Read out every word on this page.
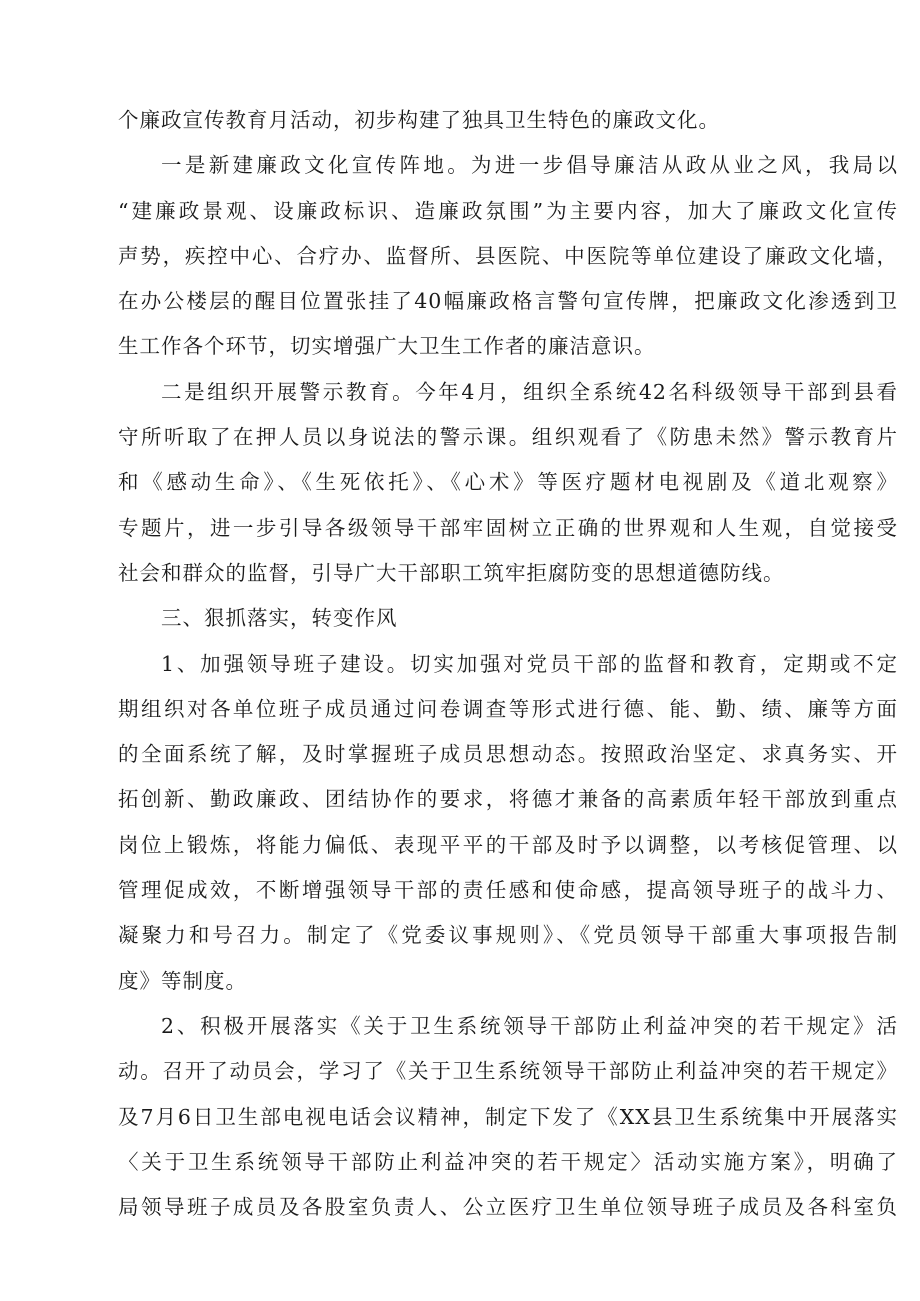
个廉政宣传教育月活动，初步构建了独具卫生特色的廉政文化。
一是新建廉政文化宣传阵地。为进一步倡导廉洁从政从业之风，我局以
“建廉政景观、设廉政标识、造廉政氛围”为主要内容，加大了廉政文化宣传
声势，疾控中心、合疗办、监督所、县医院、中医院等单位建设了廉政文化墙，
在办公楼层的醒目位置张挂了40幅廉政格言警句宣传牌，把廉政文化渗透到卫
生工作各个环节，切实增强广大卫生工作者的廉洁意识。
二是组织开展警示教育。今年4月，组织全系统42名科级领导干部到县看
守所听取了在押人员以身说法的警示课。组织观看了《防患未然》警示教育片
和《感动生命》、《生死依托》、《心术》等医疗题材电视剧及《道北观察》
专题片，进一步引导各级领导干部牢固树立正确的世界观和人生观，自觉接受
社会和群众的监督，引导广大干部职工筑牢拒腐防变的思想道德防线。
三、狠抓落实，转变作风
1、加强领导班子建设。切实加强对党员干部的监督和教育，定期或不定
期组织对各单位班子成员通过问卷调查等形式进行德、能、勤、绩、廉等方面
的全面系统了解，及时掌握班子成员思想动态。按照政治坚定、求真务实、开
拓创新、勤政廉政、团结协作的要求，将德才兼备的高素质年轻干部放到重点
岗位上锻炼，将能力偏低、表现平平的干部及时予以调整，以考核促管理、以
管理促成效，不断增强领导干部的责任感和使命感，提高领导班子的战斗力、
凝聚力和号召力。制定了《党委议事规则》、《党员领导干部重大事项报告制
度》等制度。
2、积极开展落实《关于卫生系统领导干部防止利益冲突的若干规定》活
动。召开了动员会，学习了《关于卫生系统领导干部防止利益冲突的若干规定》
及7月6日卫生部电视电话会议精神，制定下发了《XX县卫生系统集中开展落实
〈关于卫生系统领导干部防止利益冲突的若干规定〉活动实施方案》，明确了
局领导班子成员及各股室负责人、公立医疗卫生单位领导班子成员及各科室负
